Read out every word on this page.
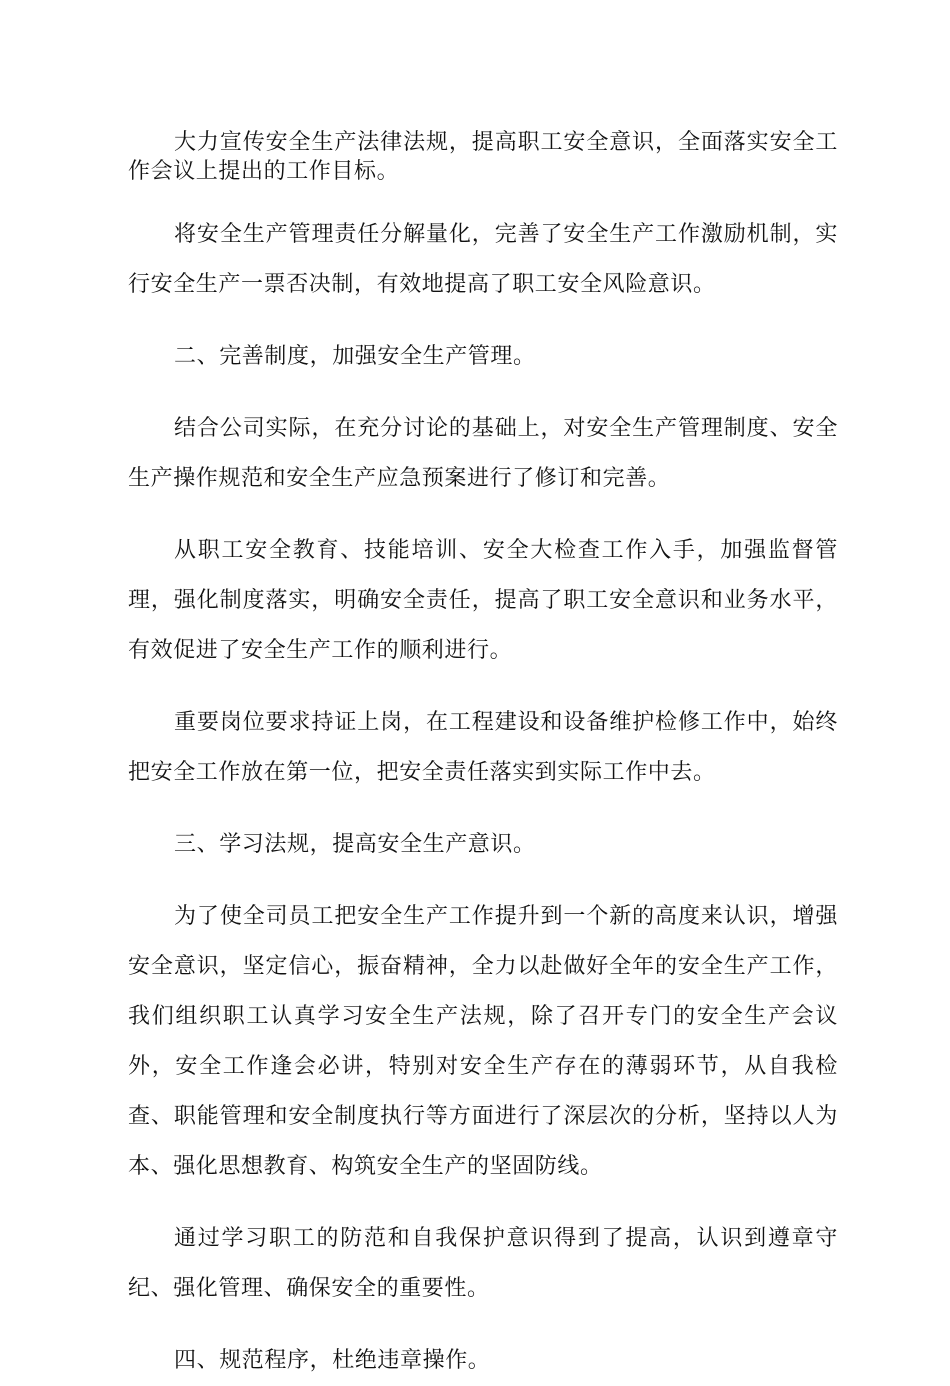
大力宣传安全生产法律法规，提高职工安全意识，全面落实安全工作会议上提出的工作目标。

将安全生产管理责任分解量化，完善了安全生产工作激励机制，实行安全生产一票否决制，有效地提高了职工安全风险意识。

二、完善制度，加强安全生产管理。

结合公司实际，在充分讨论的基础上，对安全生产管理制度、安全生产操作规范和安全生产应急预案进行了修订和完善。

从职工安全教育、技能培训、安全大检查工作入手，加强监督管理，强化制度落实，明确安全责任，提高了职工安全意识和业务水平，有效促进了安全生产工作的顺利进行。

重要岗位要求持证上岗，在工程建设和设备维护检修工作中，始终把安全工作放在第一位，把安全责任落实到实际工作中去。

三、学习法规，提高安全生产意识。

为了使全司员工把安全生产工作提升到一个新的高度来认识，增强安全意识，坚定信心，振奋精神，全力以赴做好全年的安全生产工作，我们组织职工认真学习安全生产法规，除了召开专门的安全生产会议外，安全工作逢会必讲，特别对安全生产存在的薄弱环节，从自我检查、职能管理和安全制度执行等方面进行了深层次的分析，坚持以人为本、强化思想教育、构筑安全生产的坚固防线。

通过学习职工的防范和自我保护意识得到了提高，认识到遵章守纪、强化管理、确保安全的重要性。

四、规范程序，杜绝违章操作。
